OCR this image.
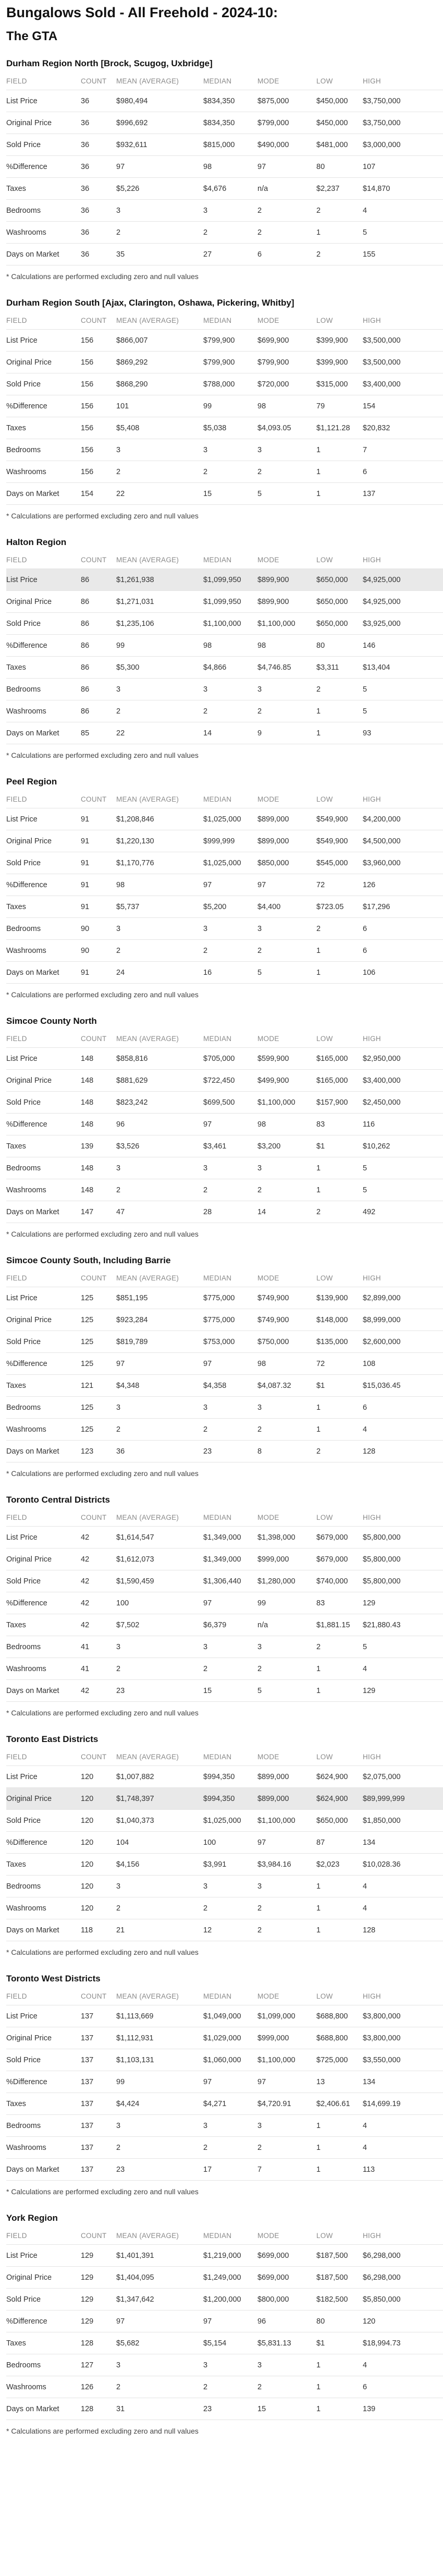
Bungalows Sold - All Freehold - 2024-10:
The GTA
Durham Region North [Brock, Scugog, Uxbridge]
FIELD	COUNT	MEAN (AVERAGE)	MEDIAN	MODE	LOW	HIGH
List Price	36	$980,494	$834,350	$875,000	$450,000	$3,750,000
Original Price	36	$996,692	$834,350	$799,000	$450,000	$3,750,000
Sold Price	36	$932,611	$815,000	$490,000	$481,000	$3,000,000
%Difference	36	97	98	97	80	107
Taxes	36	$5,226	$4,676	n/a	$2,237	$14,870
Bedrooms	36	3	3	2	2	4
Washrooms	36	2	2	2	1	5
Days on Market	36	35	27	6	2	155
* Calculations are performed excluding zero and null values
Durham Region South [Ajax, Clarington, Oshawa, Pickering, Whitby]
FIELD	COUNT	MEAN (AVERAGE)	MEDIAN	MODE	LOW	HIGH
List Price	156	$866,007	$799,900	$699,900	$399,900	$3,500,000
Original Price	156	$869,292	$799,900	$799,900	$399,900	$3,500,000
Sold Price	156	$868,290	$788,000	$720,000	$315,000	$3,400,000
%Difference	156	101	99	98	79	154
Taxes	156	$5,408	$5,038	$4,093.05	$1,121.28	$20,832
Bedrooms	156	3	3	3	1	7
Washrooms	156	2	2	2	1	6
Days on Market	154	22	15	5	1	137
* Calculations are performed excluding zero and null values
Halton Region
FIELD	COUNT	MEAN (AVERAGE)	MEDIAN	MODE	LOW	HIGH
List Price	86	$1,261,938	$1,099,950	$899,900	$650,000	$4,925,000
Original Price	86	$1,271,031	$1,099,950	$899,900	$650,000	$4,925,000
Sold Price	86	$1,235,106	$1,100,000	$1,100,000	$650,000	$3,925,000
%Difference	86	99	98	98	80	146
Taxes	86	$5,300	$4,866	$4,746.85	$3,311	$13,404
Bedrooms	86	3	3	3	2	5
Washrooms	86	2	2	2	1	5
Days on Market	85	22	14	9	1	93
* Calculations are performed excluding zero and null values
Peel Region
FIELD	COUNT	MEAN (AVERAGE)	MEDIAN	MODE	LOW	HIGH
List Price	91	$1,208,846	$1,025,000	$899,000	$549,900	$4,200,000
Original Price	91	$1,220,130	$999,999	$899,000	$549,900	$4,500,000
Sold Price	91	$1,170,776	$1,025,000	$850,000	$545,000	$3,960,000
%Difference	91	98	97	97	72	126
Taxes	91	$5,737	$5,200	$4,400	$723.05	$17,296
Bedrooms	90	3	3	3	2	6
Washrooms	90	2	2	2	1	6
Days on Market	91	24	16	5	1	106
* Calculations are performed excluding zero and null values
Simcoe County North
FIELD	COUNT	MEAN (AVERAGE)	MEDIAN	MODE	LOW	HIGH
List Price	148	$858,816	$705,000	$599,900	$165,000	$2,950,000
Original Price	148	$881,629	$722,450	$499,900	$165,000	$3,400,000
Sold Price	148	$823,242	$699,500	$1,100,000	$157,900	$2,450,000
%Difference	148	96	97	98	83	116
Taxes	139	$3,526	$3,461	$3,200	$1	$10,262
Bedrooms	148	3	3	3	1	5
Washrooms	148	2	2	2	1	5
Days on Market	147	47	28	14	2	492
* Calculations are performed excluding zero and null values
Simcoe County South, Including Barrie
FIELD	COUNT	MEAN (AVERAGE)	MEDIAN	MODE	LOW	HIGH
List Price	125	$851,195	$775,000	$749,900	$139,900	$2,899,000
Original Price	125	$923,284	$775,000	$749,900	$148,000	$8,999,000
Sold Price	125	$819,789	$753,000	$750,000	$135,000	$2,600,000
%Difference	125	97	97	98	72	108
Taxes	121	$4,348	$4,358	$4,087.32	$1	$15,036.45
Bedrooms	125	3	3	3	1	6
Washrooms	125	2	2	2	1	4
Days on Market	123	36	23	8	2	128
* Calculations are performed excluding zero and null values
Toronto Central Districts
FIELD	COUNT	MEAN (AVERAGE)	MEDIAN	MODE	LOW	HIGH
List Price	42	$1,614,547	$1,349,000	$1,398,000	$679,000	$5,800,000
Original Price	42	$1,612,073	$1,349,000	$999,000	$679,000	$5,800,000
Sold Price	42	$1,590,459	$1,306,440	$1,280,000	$740,000	$5,800,000
%Difference	42	100	97	99	83	129
Taxes	42	$7,502	$6,379	n/a	$1,881.15	$21,880.43
Bedrooms	41	3	3	3	2	5
Washrooms	41	2	2	2	1	4
Days on Market	42	23	15	5	1	129
* Calculations are performed excluding zero and null values
Toronto East Districts
FIELD	COUNT	MEAN (AVERAGE)	MEDIAN	MODE	LOW	HIGH
List Price	120	$1,007,882	$994,350	$899,000	$624,900	$2,075,000
Original Price	120	$1,748,397	$994,350	$899,000	$624,900	$89,999,999
Sold Price	120	$1,040,373	$1,025,000	$1,100,000	$650,000	$1,850,000
%Difference	120	104	100	97	87	134
Taxes	120	$4,156	$3,991	$3,984.16	$2,023	$10,028.36
Bedrooms	120	3	3	3	1	4
Washrooms	120	2	2	2	1	4
Days on Market	118	21	12	2	1	128
* Calculations are performed excluding zero and null values
Toronto West Districts
FIELD	COUNT	MEAN (AVERAGE)	MEDIAN	MODE	LOW	HIGH
List Price	137	$1,113,669	$1,049,000	$1,099,000	$688,800	$3,800,000
Original Price	137	$1,112,931	$1,029,000	$999,000	$688,800	$3,800,000
Sold Price	137	$1,103,131	$1,060,000	$1,100,000	$725,000	$3,550,000
%Difference	137	99	97	97	13	134
Taxes	137	$4,424	$4,271	$4,720.91	$2,406.61	$14,699.19
Bedrooms	137	3	3	3	1	4
Washrooms	137	2	2	2	1	4
Days on Market	137	23	17	7	1	113
* Calculations are performed excluding zero and null values
York Region
FIELD	COUNT	MEAN (AVERAGE)	MEDIAN	MODE	LOW	HIGH
List Price	129	$1,401,391	$1,219,000	$699,000	$187,500	$6,298,000
Original Price	129	$1,404,095	$1,249,000	$699,000	$187,500	$6,298,000
Sold Price	129	$1,347,642	$1,200,000	$800,000	$182,500	$5,850,000
%Difference	129	97	97	96	80	120
Taxes	128	$5,682	$5,154	$5,831.13	$1	$18,994.73
Bedrooms	127	3	3	3	1	4
Washrooms	126	2	2	2	1	6
Days on Market	128	31	23	15	1	139
* Calculations are performed excluding zero and null values
